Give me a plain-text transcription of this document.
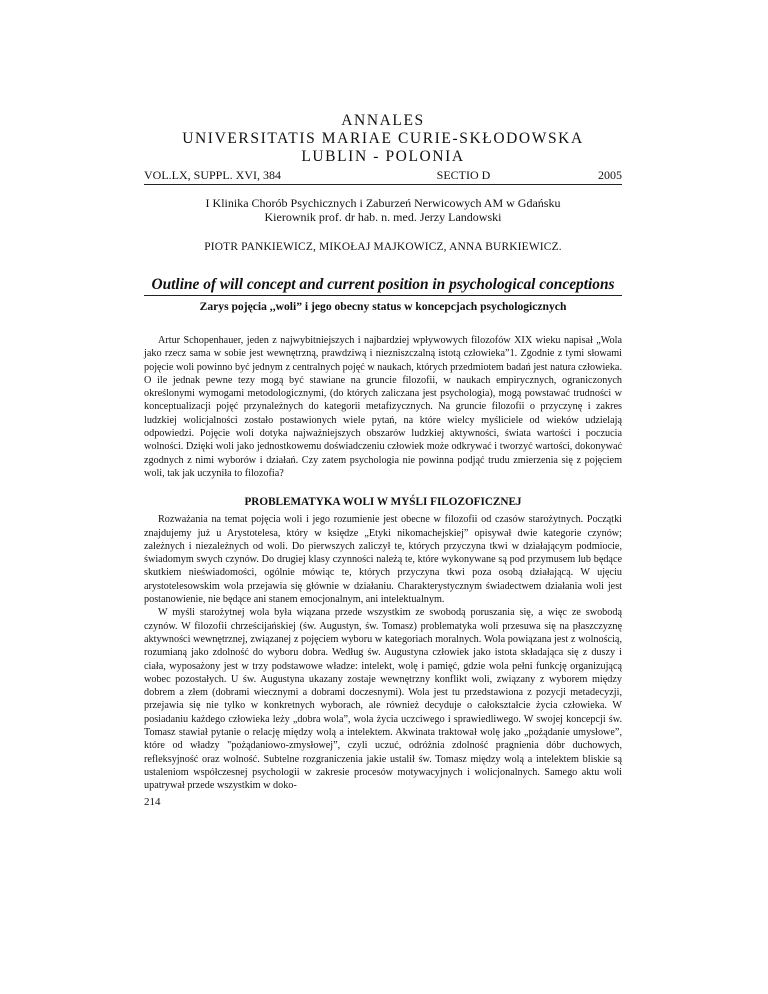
ANNALES
UNIVERSITATIS MARIAE CURIE-SKŁODOWSKA
LUBLIN - POLONIA
VOL.LX, SUPPL. XVI, 384	SECTIO D	2005
I Klinika Chorób Psychicznych i Zaburzeń Nerwicowych AM w Gdańsku
Kierownik prof. dr hab. n. med. Jerzy Landowski
PIOTR PANKIEWICZ, MIKOŁAJ MAJKOWICZ, ANNA BURKIEWICZ.
Outline of will concept and current position in psychological conceptions
Zarys pojęcia ,,woli” i jego obecny status w koncepcjach psychologicznych
Artur Schopenhauer, jeden z najwybitniejszych i najbardziej wpływowych filozofów XIX wieku napisał „Wola jako rzecz sama w sobie jest wewnętrzną, prawdziwą i niezniszczalną istotą człowieka”1. Zgodnie z tymi słowami pojęcie woli powinno być jednym z centralnych pojęć w naukach, których przedmiotem badań jest natura człowieka. O ile jednak pewne tezy mogą być stawiane na gruncie filozofii, w naukach empirycznych, ograniczonych określonymi wymogami metodologicznymi, (do których zaliczana jest psychologia), mogą powstawać trudności w konceptualizacji pojęć przynależnych do kategorii metafizycznych. Na gruncie filozofii o przyczynę i zakres ludzkiej wolicjalności zostało postawionych wiele pytań, na które wielcy myśliciele od wieków udzielają odpowiedzi. Pojęcie woli dotyka najważniejszych obszarów ludzkiej aktywności, świata wartości i poczucia wolności. Dzięki woli jako jednostkowemu doświadczeniu człowiek może odkrywać i tworzyć wartości, dokonywać zgodnych z nimi wyborów i działań. Czy zatem psychologia nie powinna podjąć trudu zmierzenia się z pojęciem woli, tak jak uczyniła to filozofia?
PROBLEMATYKA WOLI W MYŚLI FILOZOFICZNEJ

Rozważania na temat pojęcia woli i jego rozumienie jest obecne w filozofii od czasów starożytnych. Początki znajdujemy już u Arystotelesa, który w księdze „Etyki nikomachejskiej” opisywał dwie kategorie czynów; zależnych i niezależnych od woli. Do pierwszych zaliczył te, których przyczyna tkwi w działającym podmiocie, świadomym swych czynów. Do drugiej klasy czynności należą te, które wykonywane są pod przymusem lub będące skutkiem nieświadomości, ogólnie mówiąc te, których przyczyna tkwi poza osobą działającą. W ujęciu arystotelesowskim wola przejawia się głównie w działaniu. Charakterystycznym świadectwem działania woli jest postanowienie, nie będące ani stanem emocjonalnym, ani intelektualnym.

W myśli starożytnej wola była wiązana przede wszystkim ze swobodą poruszania się, a więc ze swobodą czynów. W filozofii chrześcijańskiej (św. Augustyn, św. Tomasz) problematyka woli przesuwa się na płaszczyznę aktywności wewnętrznej, związanej z pojęciem wyboru w kategoriach moralnych. Wola powiązana jest z wolnością, rozumianą jako zdolność do wyboru dobra. Według św. Augustyna człowiek jako istota składająca się z duszy i ciała, wyposażony jest w trzy podstawowe władze: intelekt, wolę i pamięć, gdzie wola pełni funkcję organizującą wobec pozostałych. U św. Augustyna ukazany zostaje wewnętrzny konflikt woli, związany z wyborem między dobrem a złem (dobrami wiecznymi a dobrami doczesnymi). Wola jest tu przedstawiona z pozycji metadecyzji, przejawia się nie tylko w konkretnych wyborach, ale również decyduje o całokształcie życia człowieka. W posiadaniu każdego człowieka leży „dobra wola”, wola życia uczciwego i sprawiedliwego. W swojej koncepcji św. Tomasz stawiał pytanie o relację między wolą a intelektem. Akwinata traktował wolę jako „pożądanie umysłowe”, które od władzy "pożądaniowo-zmysłowej”, czyli uczuć, odróżnia zdolność pragnienia dóbr duchowych, refleksyjność oraz wolność. Subtelne rozgraniczenia jakie ustalił św. Tomasz między wolą a intelektem bliskie są ustaleniom współczesnej psychologii w zakresie procesów motywacyjnych i wolicjonalnych. Samego aktu woli upatrywał przede wszystkim w doko-

214
